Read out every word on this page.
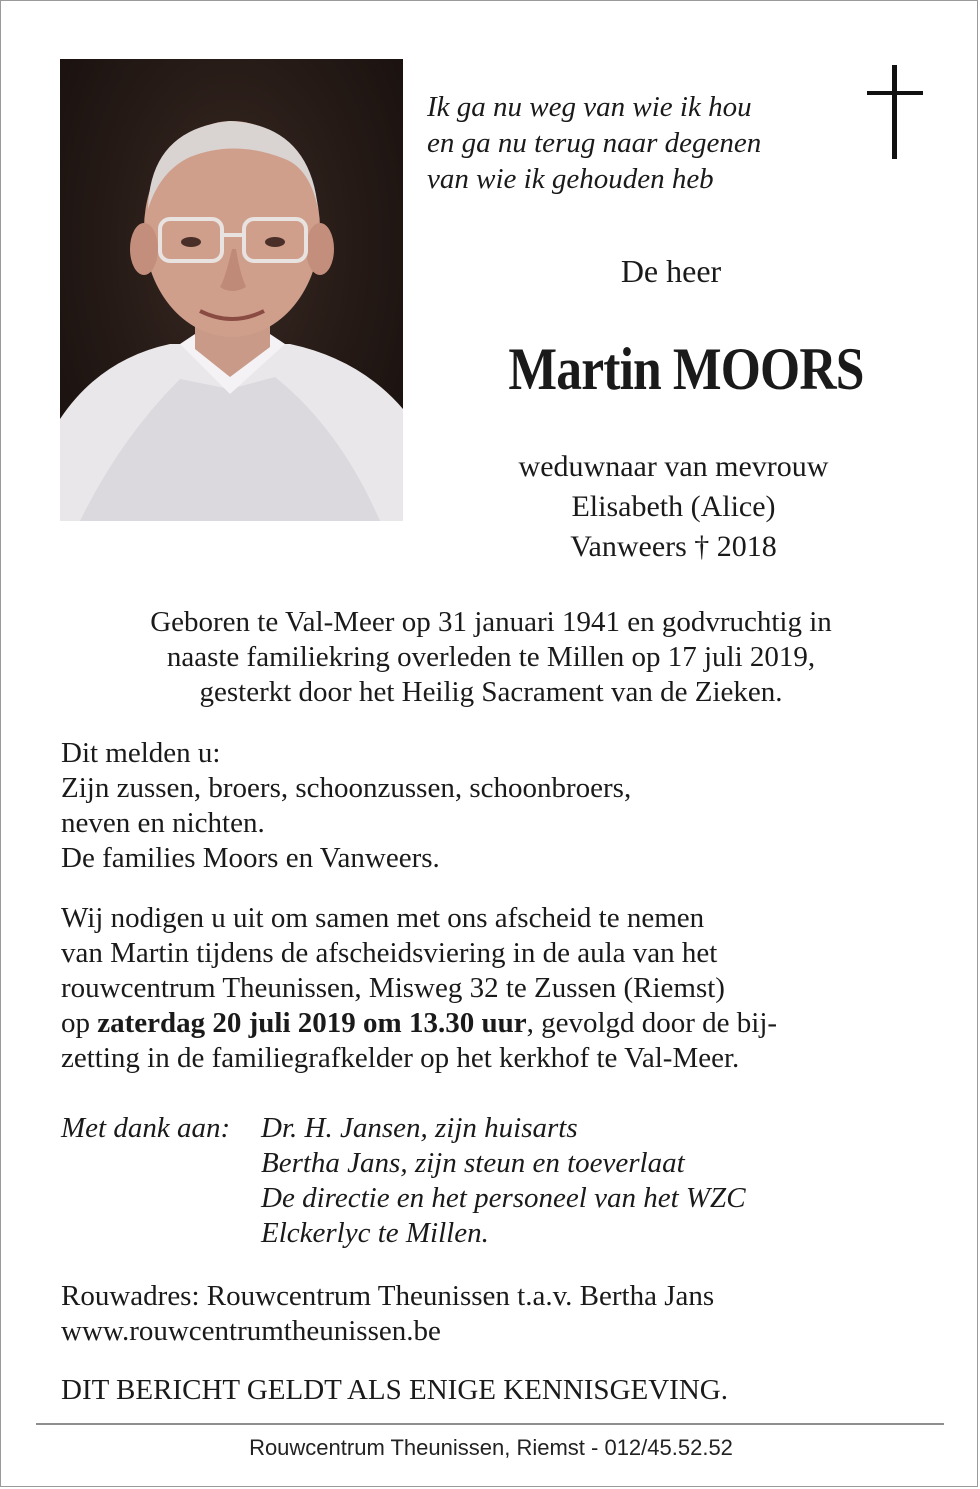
Ik ga nu weg van wie ik hou
en ga nu terug naar degenen
van wie ik gehouden heb
De heer
Martin MOORS
weduwnaar van mevrouw
Elisabeth (Alice)
Vanweers † 2018
Geboren te Val-Meer op 31 januari 1941 en godvruchtig in
naaste familiekring overleden te Millen op 17 juli 2019,
gesterkt door het Heilig Sacrament van de Zieken.
Dit melden u:
Zijn zussen, broers, schoonzussen, schoonbroers,
neven en nichten.
De families Moors en Vanweers.
Wij nodigen u uit om samen met ons afscheid te nemen
van Martin tijdens de afscheidsviering in de aula van het
rouwcentrum Theunissen, Misweg 32 te Zussen (Riemst)
op zaterdag 20 juli 2019 om 13.30 uur, gevolgd door de bij-
zetting in de familiegrafkelder op het kerkhof te Val-Meer.
Met dank aan: Dr. H. Jansen, zijn huisarts
Bertha Jans, zijn steun en toeverlaat
De directie en het personeel van het WZC
Elckerlyc te Millen.
Rouwadres: Rouwcentrum Theunissen t.a.v. Bertha Jans
www.rouwcentrumtheunissen.be
DIT BERICHT GELDT ALS ENIGE KENNISGEVING.
Rouwcentrum Theunissen, Riemst - 012/45.52.52
